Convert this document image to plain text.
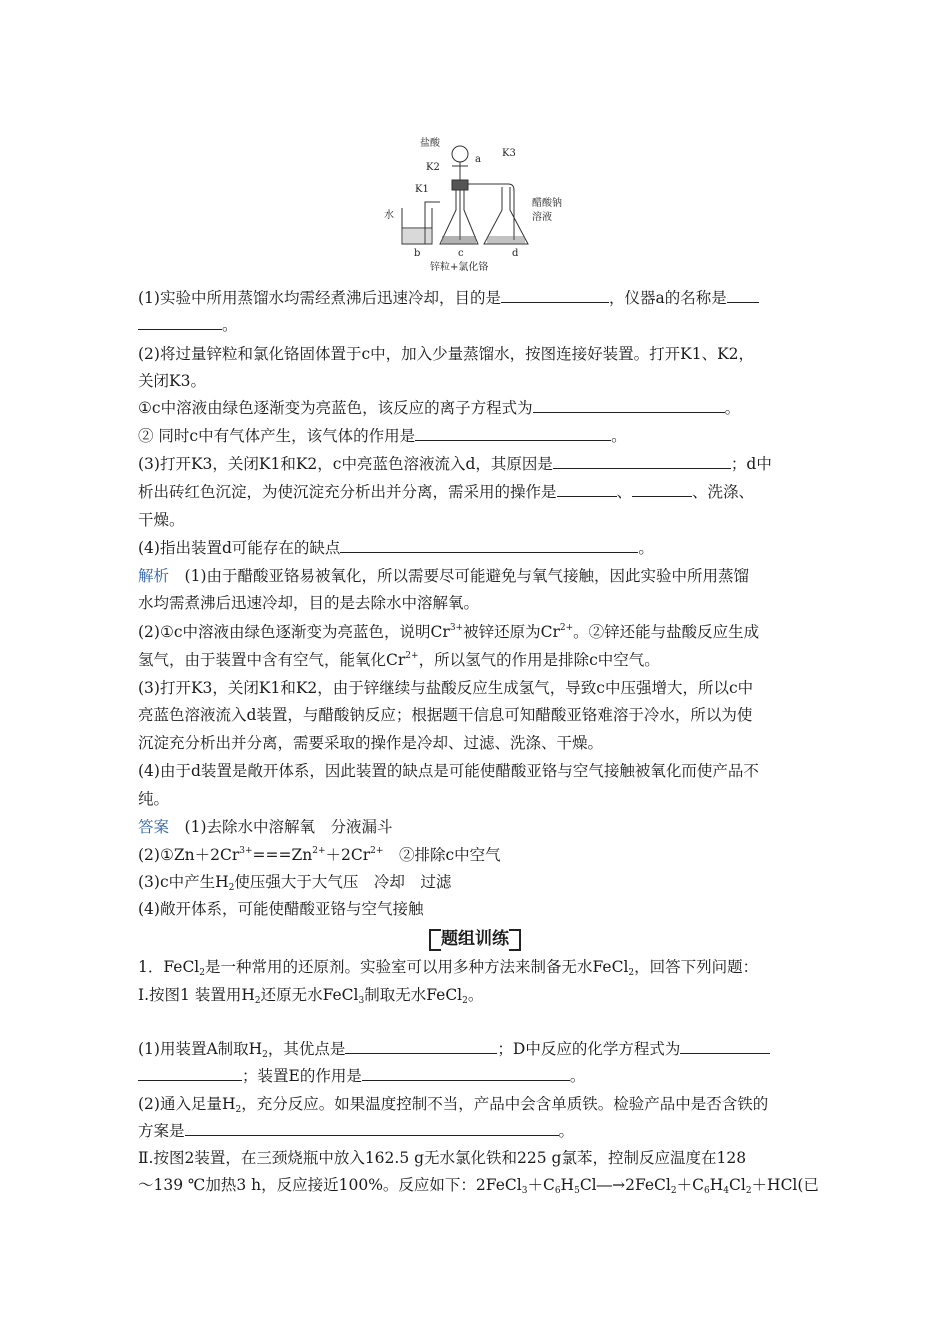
盐酸
K2
a
K3
K1
水
醋酸钠
溶液
b	c	d
锌粒+氯化铬
(1)实验中所用蒸馏水均需经煮沸后迅速冷却，目的是	，仪器a的名称是
。
(2)将过量锌粒和氯化铬固体置于c中，加入少量蒸馏水，按图连接好装置。打开K1、K2，
关闭K3。
①c中溶液由绿色逐渐变为亮蓝色，该反应的离子方程式为	。
② 同时c中有气体产生，该气体的作用是	。
(3)打开K3，关闭K1和K2，c中亮蓝色溶液流入d，其原因是	；d中
析出砖红色沉淀，为使沉淀充分析出并分离，需采用的操作是	、	、洗涤、
干燥。
(4)指出装置d可能存在的缺点	。
解析　 (1)由于醋酸亚铬易被氧化，所以需要尽可能避免与氧气接触，因此实验中所用蒸馏
水均需煮沸后迅速冷却，目的是去除水中溶解氧。
(2)①c中溶液由绿色逐渐变为亮蓝色，说明$Cr^{3+}$被锌还原为$Cr^{2+}$。②锌还能与盐酸反应生成
氢气，由于装置中含有空气，能氧化$Cr^{2+}$，所以氢气的作用是排除c中空气。
(3)打开K3，关闭K1和K2，由于锌继续与盐酸反应生成氢气，导致c中压强增大，所以c中
亮蓝色溶液流入d装置，与醋酸钠反应；根据题干信息可知醋酸亚铬难溶于冷水，所以为使
沉淀充分析出并分离，需要采取的操作是冷却、过滤、洗涤、干燥。
(4)由于d装置是敞开体系，因此装置的缺点是可能使醋酸亚铬与空气接触被氧化而使产品不
纯。
答案　 (1)去除水中溶解氧　分液漏斗
$(2)①Zn+2Cr^{3+}===Zn^{2+}+2Cr^{2+}$　②排除c中空气
(3)c中产生$H_2$使压强大于大气压　冷却　过滤
(4)敞开体系，可能使醋酸亚铬与空气接触
题组训练
1．FeCl$_2$是一种常用的还原剂。实验室可以用多种方法来制备无水FeCl$_2$，回答下列问题：
Ⅰ.按图1 装置用$H_2$还原无水FeCl$_3$制取无水FeCl$_2$。
(1)用装置A制取$H_2$，其优点是	；D中反应的化学方程式为
；装置E的作用是	。
(2)通入足量$H_2$，充分反应。如果温度控制不当，产品中会含单质铁。检验产品中是否含铁的
方案是	。
Ⅱ.按图2装置，在三颈烧瓶中放入162.5 g无水氯化铁和225 g氯苯，控制反应温度在128
～139 ℃加热3 h，反应接近100%。反应如下：$2FeCl_3+C_6H_5Cl―\to 2FeCl_2+C_6H_4Cl_2+HCl$(已
